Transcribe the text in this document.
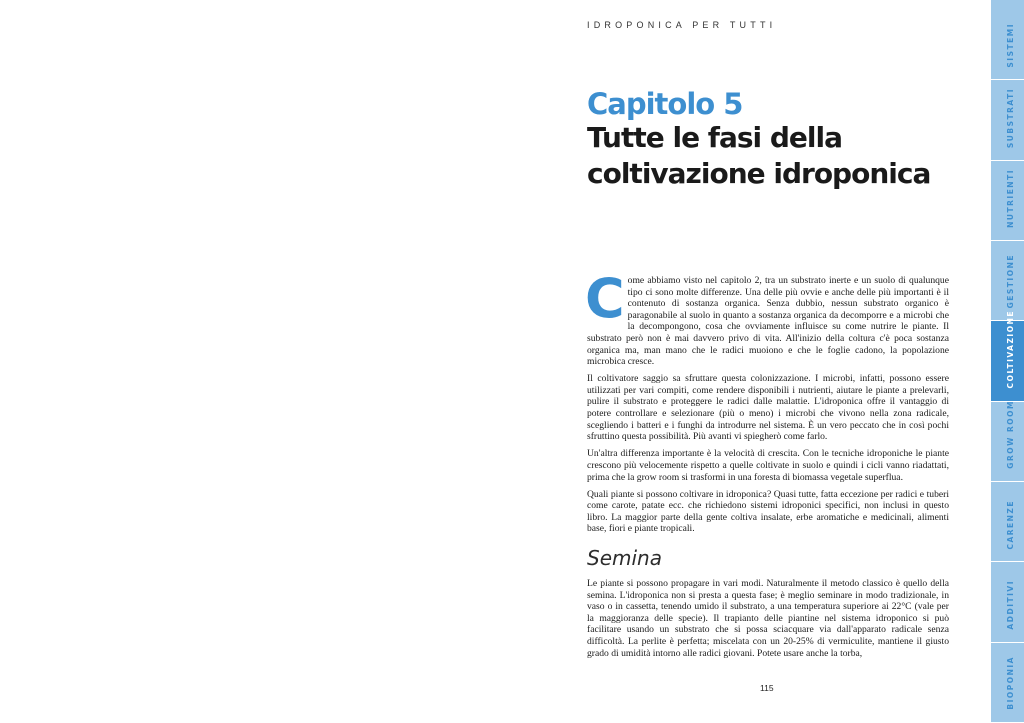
IDROPONICA PER TUTTI
Capitolo 5
Tutte le fasi della coltivazione idroponica

Come abbiamo visto nel capitolo 2, tra un substrato inerte e un suolo di qualunque tipo ci sono molte differenze. Una delle più ovvie e anche delle più importanti è il contenuto di sostanza organica. Senza dubbio, nessun substrato organico è paragonabile al suolo in quanto a sostanza organica da decomporre e a microbi che la decompongono, cosa che ovviamente influisce su come nutrire le piante. Il substrato però non è mai davvero privo di vita. All'inizio della coltura c'è poca sostanza organica ma, man mano che le radici muoiono e che le foglie cadono, la popolazione microbica cresce.

Il coltivatore saggio sa sfruttare questa colonizzazione. I microbi, infatti, possono essere utilizzati per vari compiti, come rendere disponibili i nutrienti, aiutare le piante a prelevarli, pulire il substrato e proteggere le radici dalle malattie. L'idroponica offre il vantaggio di potere controllare e selezionare (più o meno) i microbi che vivono nella zona radicale, scegliendo i batteri e i funghi da introdurre nel sistema. È un vero peccato che in così pochi sfruttino questa possibilità. Più avanti vi spiegherò come farlo.

Un'altra differenza importante è la velocità di crescita. Con le tecniche idroponiche le piante crescono più velocemente rispetto a quelle coltivate in suolo e quindi i cicli vanno riadattati, prima che la grow room si trasformi in una foresta di biomassa vegetale superflua.

Quali piante si possono coltivare in idroponica? Quasi tutte, fatta eccezione per radici e tuberi come carote, patate ecc. che richiedono sistemi idroponici specifici, non inclusi in questo libro. La maggior parte della gente coltiva insalate, erbe aromatiche e medicinali, alimenti base, fiori e piante tropicali.

Semina

Le piante si possono propagare in vari modi. Naturalmente il metodo classico è quello della semina. L'idroponica non si presta a questa fase; è meglio seminare in modo tradizionale, in vaso o in cassetta, tenendo umido il substrato, a una temperatura superiore ai 22°C (vale per la maggioranza delle specie). Il trapianto delle piantine nel sistema idroponico si può facilitare usando un substrato che si possa sciacquare via dall'apparato radicale senza difficoltà. La perlite è perfetta; miscelata con un 20-25% di vermiculite, mantiene il giusto grado di umidità intorno alle radici giovani. Potete usare anche la torba,

115
SISTEMI
SUBSTRATI
NUTRIENTI
GESTIONE
COLTIVAZIONE
GROW ROOM
CARENZE
ADDITIVI
BIOPONIA
